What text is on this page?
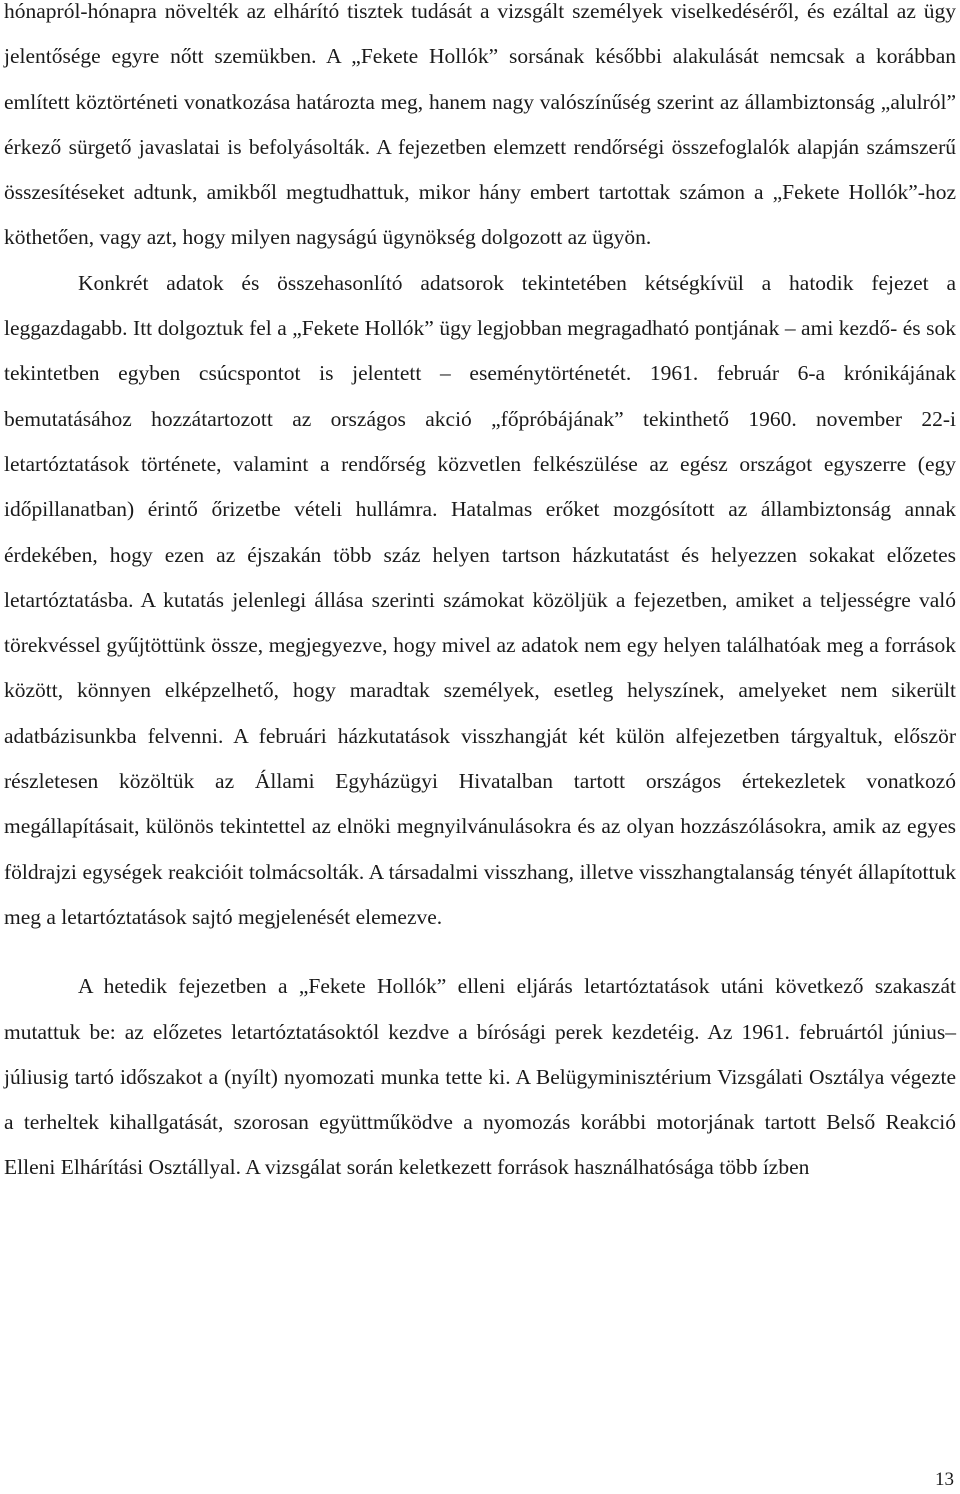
hónapról-hónapra növelték az elhárító tisztek tudását a vizsgált személyek viselkedéséről, és ezáltal az ügy jelentősége egyre nőtt szemükben. A „Fekete Hollók” sorsának későbbi alakulását nemcsak a korábban említett köztörténeti vonatkozása határozta meg, hanem nagy valószínűség szerint az állambiztonság „alulról” érkező sürgető javaslatai is befolyásolták. A fejezetben elemzett rendőrségi összefoglalók alapján számszerű összesítéseket adtunk, amikből megtudhattuk, mikor hány embert tartottak számon a „Fekete Hollók”-hoz köthetően, vagy azt, hogy milyen nagyságú ügynökség dolgozott az ügyön.

Konkrét adatok és összehasonlító adatsorok tekintetében kétségkívül a hatodik fejezet a leggazdagabb. Itt dolgoztuk fel a „Fekete Hollók” ügy legjobban megragadható pontjának – ami kezdő- és sok tekintetben egyben csúcspontot is jelentett – eseménytörténetét. 1961. február 6-a krónikájának bemutatásához hozzátartozott az országos akció „főpróbájának” tekinthető 1960. november 22-i letartóztatások története, valamint a rendőrség közvetlen felkészülése az egész országot egyszerre (egy időpillanatban) érintő őrizetbe vételi hullámra. Hatalmas erőket mozgósított az állambiztonság annak érdekében, hogy ezen az éjszakán több száz helyen tartson házkutatást és helyezzen sokakat előzetes letartóztatásba. A kutatás jelenlegi állása szerinti számokat közöljük a fejezetben, amiket a teljességre való törekvéssel gyűjtöttünk össze, megjegyezve, hogy mivel az adatok nem egy helyen találhatóak meg a források között, könnyen elképzelhető, hogy maradtak személyek, esetleg helyszínek, amelyeket nem sikerült adatbázisunkba felvenni. A februári házkutatások visszhangját két külön alfejezetben tárgyaltuk, először részletesen közöltük az Állami Egyházügyi Hivatalban tartott országos értekezletek vonatkozó megállapításait, különös tekintettel az elnöki megnyilvánulásokra és az olyan hozzászólásokra, amik az egyes földrajzi egységek reakcióit tolmácsolták. A társadalmi visszhang, illetve visszhangtalanság tényét állapítottuk meg a letartóztatások sajtó megjelenését elemezve.

A hetedik fejezetben a „Fekete Hollók” elleni eljárás letartóztatások utáni következő szakaszát mutattuk be: az előzetes letartóztatásoktól kezdve a bírósági perek kezdetéig. Az 1961. februártól június–júliusig tartó időszakot a (nyílt) nyomozati munka tette ki. A Belügyminisztérium Vizsgálati Osztálya végezte a terheltek kihallgatását, szorosan együttműködve a nyomozás korábbi motorjának tartott Belső Reakció Elleni Elhárítási Osztállyal. A vizsgálat során keletkezett források használhatósága több ízben

13
